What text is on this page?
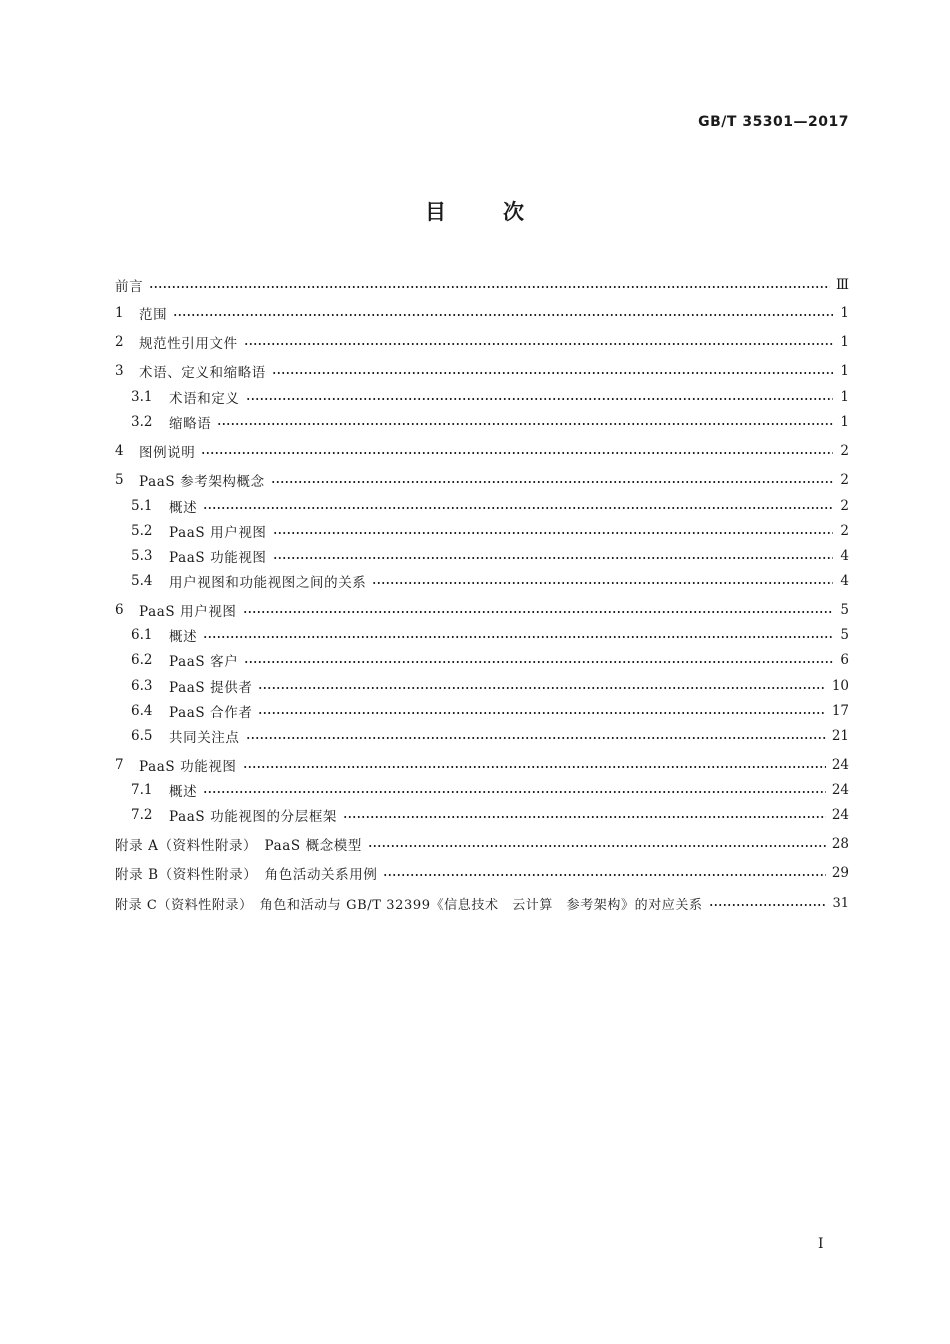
GB/T 35301—2017
目	次
前言	Ⅲ
1	范围	1
2	规范性引用文件	1
3	术语、定义和缩略语	1
3.1	术语和定义	1
3.2	缩略语	1
4	图例说明	2
5	PaaS 参考架构概念	2
5.1	概述	2
5.2	PaaS 用户视图	2
5.3	PaaS 功能视图	4
5.4	用户视图和功能视图之间的关系	4
6	PaaS 用户视图	5
6.1	概述	5
6.2	PaaS 客户	6
6.3	PaaS 提供者	10
6.4	PaaS 合作者	17
6.5	共同关注点	21
7	PaaS 功能视图	24
7.1	概述	24
7.2	PaaS 功能视图的分层框架	24
附录 A（资料性附录）　PaaS 概念模型	28
附录 B（资料性附录）　角色活动关系用例	29
附录 C（资料性附录）　角色和活动与 GB/T 32399《信息技术　云计算　参考架构》的对应关系	31
Ⅰ
